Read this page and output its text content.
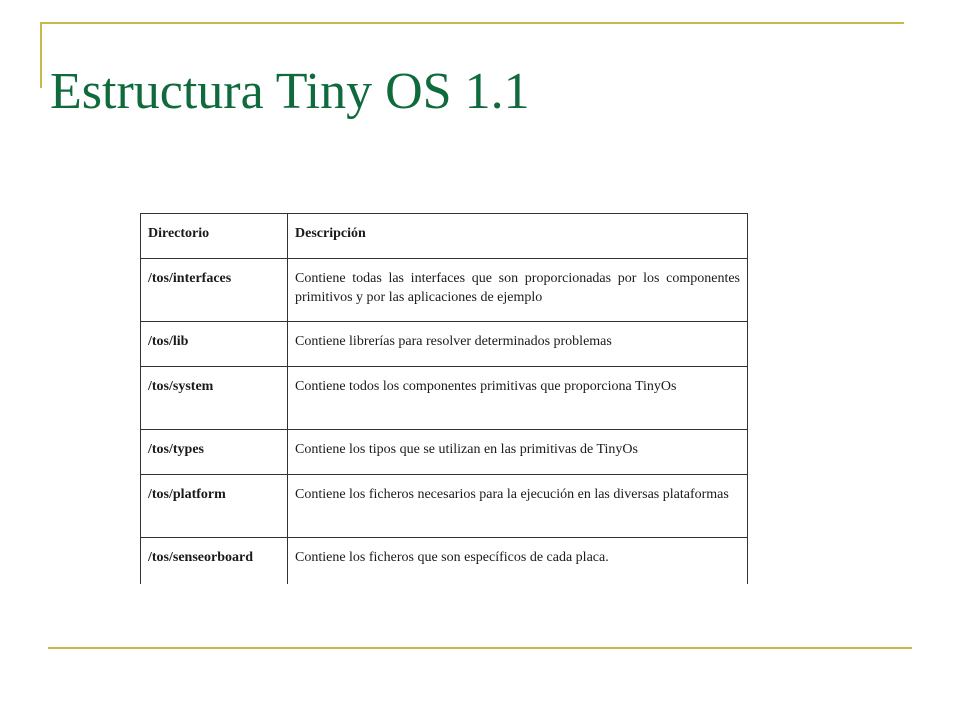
Estructura Tiny OS 1.1
Directorio	Descripción
/tos/interfaces	Contiene todas las interfaces que son proporcionadas por los componentes primitivos y por las aplicaciones de ejemplo
/tos/lib	Contiene librerías para resolver determinados problemas
/tos/system	Contiene todos los componentes primitivas que proporciona TinyOs
/tos/types	Contiene los tipos que se utilizan en las primitivas de TinyOs
/tos/platform	Contiene los ficheros necesarios para la ejecución en las diversas plataformas
/tos/senseorboard	Contiene los ficheros que son específicos de cada placa.
